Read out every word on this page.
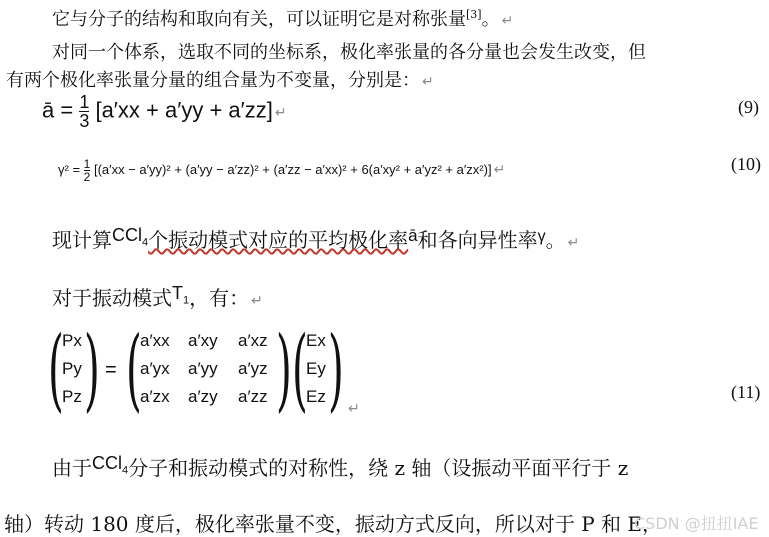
它与分子的结构和取向有关，可以证明它是对称张量[3]。 ↵
对同一个体系，选取不同的坐标系，极化率张量的各分量也会发生改变，但
有两个极化率张量分量的组合量为不变量，分别是： ↵
ā = $\frac{1}{3} [a'xx + a'yy + a'zz]$ ↵	(9)
$\gamma^2 = \frac{1}{2} [(a'xx - a'yy)^2 + (a'yy - a'zz)^2 + (a'zz - a'xx)^2 + 6(a'xy^2 + a'yz^2 + a'zx^2)]$ ↵	(10)
现计算CCl$_4$个振动模式对应的平均极化率$^ā$和各向异性率$^\gamma$。 ↵
对于振动模式$T_1$，有： ↵
(
Px
Py
Pz ) = (
a′xx a′xy a′xz
a′yx a′yy a′yz
a′zx a′zy a′zz ) (
Ex
Ey
Ez ) ↵
(11)
由于CCl$_4$分子和振动模式的对称性，绕 z 轴（设振动平面平行于 z
轴）转动 180 度后，极化率张量不变，振动方式反向，所以对于 P 和 E，
CSDN @扭扭IAE
